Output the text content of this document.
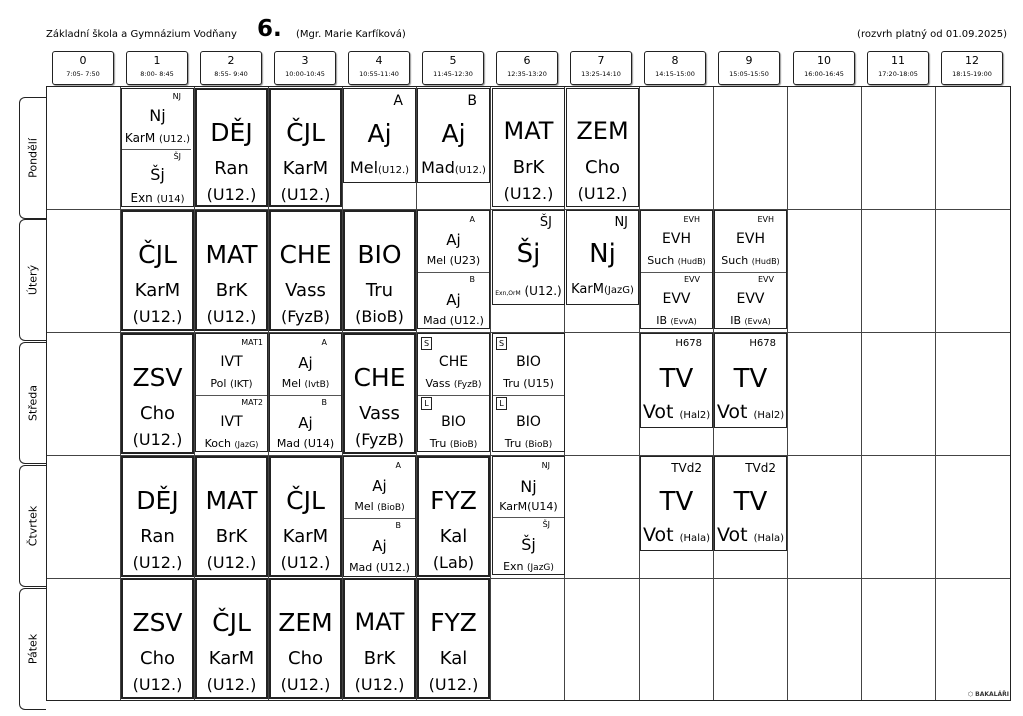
Základní škola a Gymnázium Vodňany 6. (Mgr. Marie Karfíková)	(rozvrh platný od 01.09.2025)
0
7:05- 7:50
1
8:00- 8:45
2
8:55- 9:40
3
10:00-10:45
4
10:55-11:40
5
11:45-12:30
6
12:35-13:20
7
13:25-14:10
8
14:15-15:00
9
15:05-15:50
10
16:00-16:45
11
17:20-18:05
12
18:15-19:00
Pondělí
Úterý
Středa
Čtvrtek
Pátek
NJ
Nj
KarM (U12.)
ŠJ
Šj
Exn (U14)
DĚJ
Ran
(U12.)
ČJL
KarM
(U12.)
A
Aj
Mel(U12.)
B
Aj
Mad(U12.)
MAT
BrK
(U12.)
ZEM
Cho
(U12.)
ČJL
KarM
(U12.)
MAT
BrK
(U12.)
CHE
Vass
(FyzB)
BIO
Tru
(BioB)
A
Aj
Mel (U23)
B
Aj
Mad (U12.)
ŠJ
Šj
Exn,OrM (U12.)
NJ
Nj
KarM(JazG)
EVH
EVH
Such (HudB)
EVV
EVV
IB (EvvA)
EVH
EVH
Such (HudB)
EVV
EVV
IB (EvvA)
ZSV
Cho
(U12.)
MAT1
IVT
Pol (IKT)
MAT2
IVT
Koch (JazG)
A
Aj
Mel (IvtB)
B
Aj
Mad (U14)
CHE
Vass
(FyzB)
S
CHE
Vass (FyzB)
L
BIO
Tru (BioB)
S
BIO
Tru (U15)
L
BIO
Tru (BioB)
H678
TV
Vot (Hal2)
H678
TV
Vot (Hal2)
DĚJ
Ran
(U12.)
MAT
BrK
(U12.)
ČJL
KarM
(U12.)
A
Aj
Mel (BioB)
B
Aj
Mad (U12.)
FYZ
Kal
(Lab)
NJ
Nj
KarM(U14)
ŠJ
Šj
Exn (JazG)
TVd2
TV
Vot (Hala)
TVd2
TV
Vot (Hala)
ZSV
Cho
(U12.)
ČJL
KarM
(U12.)
ZEM
Cho
(U12.)
MAT
BrK
(U12.)
FYZ
Kal
(U12.)
⬡ BAKALÁŘI
